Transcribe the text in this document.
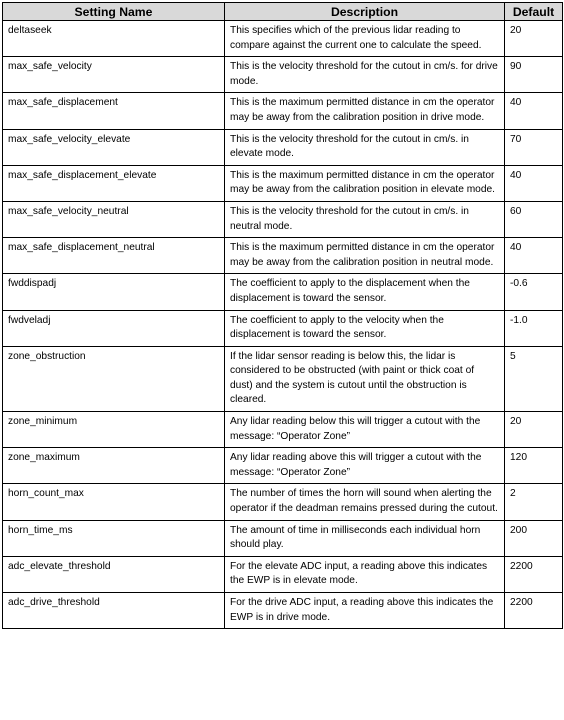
Setting Name	Description	Default
deltaseek	This specifies which of the previous lidar reading to compare against the current one to calculate the speed.	20
max_safe_velocity	This is the velocity threshold for the cutout in cm/s. for drive mode.	90
max_safe_displacement	This is the maximum permitted distance in cm the operator may be away from the calibration position in drive mode.	40
max_safe_velocity_elevate	This is the velocity threshold for the cutout in cm/s. in elevate mode.	70
max_safe_displacement_elevate	This is the maximum permitted distance in cm the operator may be away from the calibration position in elevate mode.	40
max_safe_velocity_neutral	This is the velocity threshold for the cutout in cm/s. in neutral mode.	60
max_safe_displacement_neutral	This is the maximum permitted distance in cm the operator may be away from the calibration position in neutral mode.	40
fwddispadj	The coefficient to apply to the displacement when the displacement is toward the sensor.	-0.6
fwdveladj	The coefficient to apply to the velocity when the displacement is toward the sensor.	-1.0
zone_obstruction	If the lidar sensor reading is below this, the lidar is considered to be obstructed (with paint or thick coat of dust) and the system is cutout until the obstruction is cleared.	5
zone_minimum	Any lidar reading below this will trigger a cutout with the message: “Operator Zone”	20
zone_maximum	Any lidar reading above this will trigger a cutout with the message: “Operator Zone”	120
horn_count_max	The number of times the horn will sound when alerting the operator if the deadman remains pressed during the cutout.	2
horn_time_ms	The amount of time in milliseconds each individual horn should play.	200
adc_elevate_threshold	For the elevate ADC input, a reading above this indicates the EWP is in elevate mode.	2200
adc_drive_threshold	For the drive ADC input, a reading above this indicates the EWP is in drive mode.	2200
